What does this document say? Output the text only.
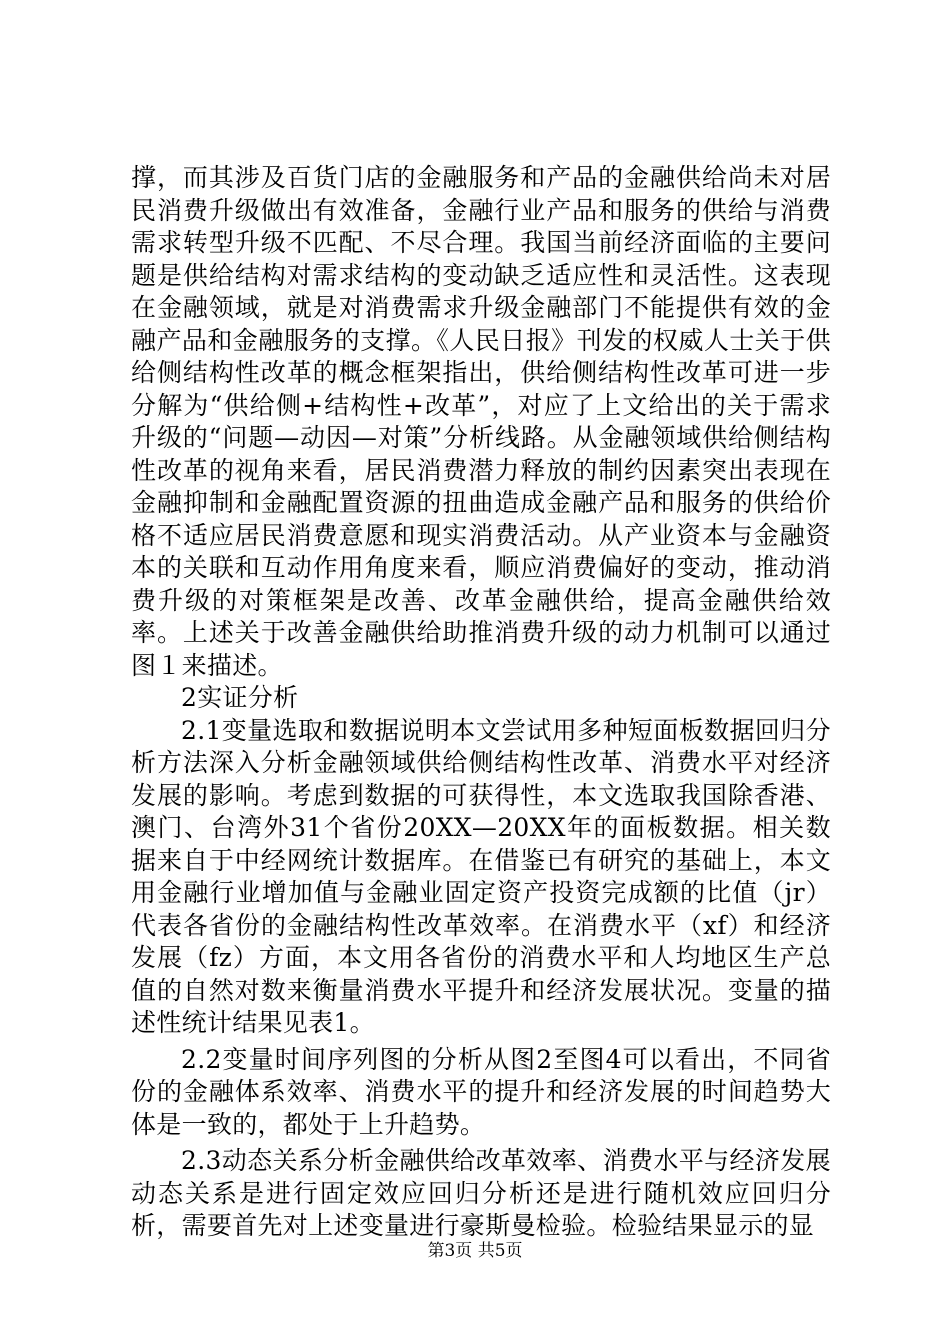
撑，而其涉及百货门店的金融服务和产品的金融供给尚未对居民消费升级做出有效准备，金融行业产品和服务的供给与消费需求转型升级不匹配、不尽合理。我国当前经济面临的主要问题是供给结构对需求结构的变动缺乏适应性和灵活性。这表现在金融领域，就是对消费需求升级金融部门不能提供有效的金融产品和金融服务的支撑。《人民日报》刊发的权威人士关于供给侧结构性改革的概念框架指出，供给侧结构性改革可进一步分解为“供给侧+结构性+改革”，对应了上文给出的关于需求升级的“问题—动因—对策”分析线路。从金融领域供给侧结构性改革的视角来看，居民消费潜力释放的制约因素突出表现在金融抑制和金融配置资源的扭曲造成金融产品和服务的供给价格不适应居民消费意愿和现实消费活动。从产业资本与金融资本的关联和互动作用角度来看，顺应消费偏好的变动，推动消费升级的对策框架是改善、改革金融供给，提高金融供给效率。上述关于改善金融供给助推消费升级的动力机制可以通过图１来描述。

2实证分析

2.1变量选取和数据说明本文尝试用多种短面板数据回归分析方法深入分析金融领域供给侧结构性改革、消费水平对经济发展的影响。考虑到数据的可获得性，本文选取我国除香港、澳门、台湾外31个省份20XX—20XX年的面板数据。相关数据来自于中经网统计数据库。在借鉴已有研究的基础上，本文用金融行业增加值与金融业固定资产投资完成额的比值（jr）代表各省份的金融结构性改革效率。在消费水平（xf）和经济发展（fz）方面，本文用各省份的消费水平和人均地区生产总值的自然对数来衡量消费水平提升和经济发展状况。变量的描述性统计结果见表1。

2.2变量时间序列图的分析从图2至图4可以看出，不同省份的金融体系效率、消费水平的提升和经济发展的时间趋势大体是一致的，都处于上升趋势。

2.3动态关系分析金融供给改革效率、消费水平与经济发展动态关系是进行固定效应回归分析还是进行随机效应回归分析，需要首先对上述变量进行豪斯曼检验。检验结果显示的显

第3页 共5页
